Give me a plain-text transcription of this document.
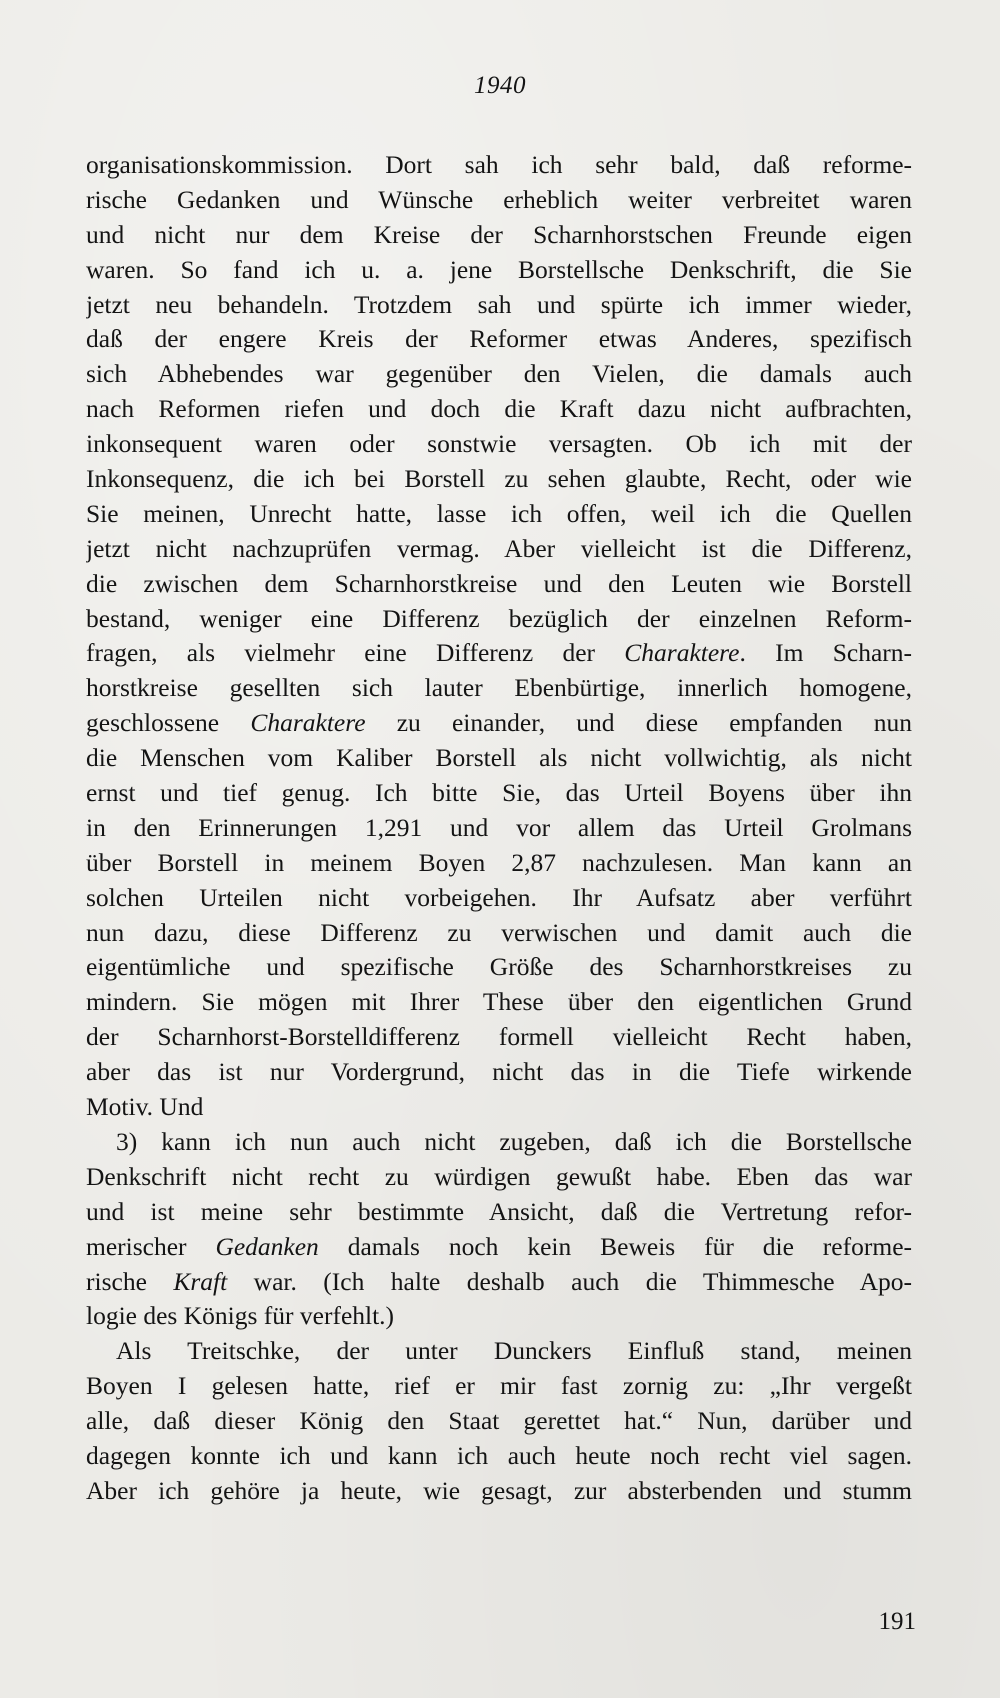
1940
organisationskommission. Dort sah ich sehr bald, daß reforme-
rische Gedanken und Wünsche erheblich weiter verbreitet waren
und nicht nur dem Kreise der Scharnhorstschen Freunde eigen
waren. So fand ich u. a. jene Borstellsche Denkschrift, die Sie
jetzt neu behandeln. Trotzdem sah und spürte ich immer wieder,
daß der engere Kreis der Reformer etwas Anderes, spezifisch
sich Abhebendes war gegenüber den Vielen, die damals auch
nach Reformen riefen und doch die Kraft dazu nicht aufbrachten,
inkonsequent waren oder sonstwie versagten. Ob ich mit der
Inkonsequenz, die ich bei Borstell zu sehen glaubte, Recht, oder wie
Sie meinen, Unrecht hatte, lasse ich offen, weil ich die Quellen
jetzt nicht nachzuprüfen vermag. Aber vielleicht ist die Differenz,
die zwischen dem Scharnhorstkreise und den Leuten wie Borstell
bestand, weniger eine Differenz bezüglich der einzelnen Reform-
fragen, als vielmehr eine Differenz der Charaktere. Im Scharn-
horstkreise gesellten sich lauter Ebenbürtige, innerlich homogene,
geschlossene Charaktere zu einander, und diese empfanden nun
die Menschen vom Kaliber Borstell als nicht vollwichtig, als nicht
ernst und tief genug. Ich bitte Sie, das Urteil Boyens über ihn
in den Erinnerungen 1,291 und vor allem das Urteil Grolmans
über Borstell in meinem Boyen 2,87 nachzulesen. Man kann an
solchen Urteilen nicht vorbeigehen. Ihr Aufsatz aber verführt
nun dazu, diese Differenz zu verwischen und damit auch die
eigentümliche und spezifische Größe des Scharnhorstkreises zu
mindern. Sie mögen mit Ihrer These über den eigentlichen Grund
der Scharnhorst-Borstelldifferenz formell vielleicht Recht haben,
aber das ist nur Vordergrund, nicht das in die Tiefe wirkende
Motiv. Und
3) kann ich nun auch nicht zugeben, daß ich die Borstellsche
Denkschrift nicht recht zu würdigen gewußt habe. Eben das war
und ist meine sehr bestimmte Ansicht, daß die Vertretung refor-
merischer Gedanken damals noch kein Beweis für die reforme-
rische Kraft war. (Ich halte deshalb auch die Thimmesche Apo-
logie des Königs für verfehlt.)
Als Treitschke, der unter Dunckers Einfluß stand, meinen
Boyen I gelesen hatte, rief er mir fast zornig zu: „Ihr vergeßt
alle, daß dieser König den Staat gerettet hat.“ Nun, darüber und
dagegen konnte ich und kann ich auch heute noch recht viel sagen.
Aber ich gehöre ja heute, wie gesagt, zur absterbenden und stumm
191
